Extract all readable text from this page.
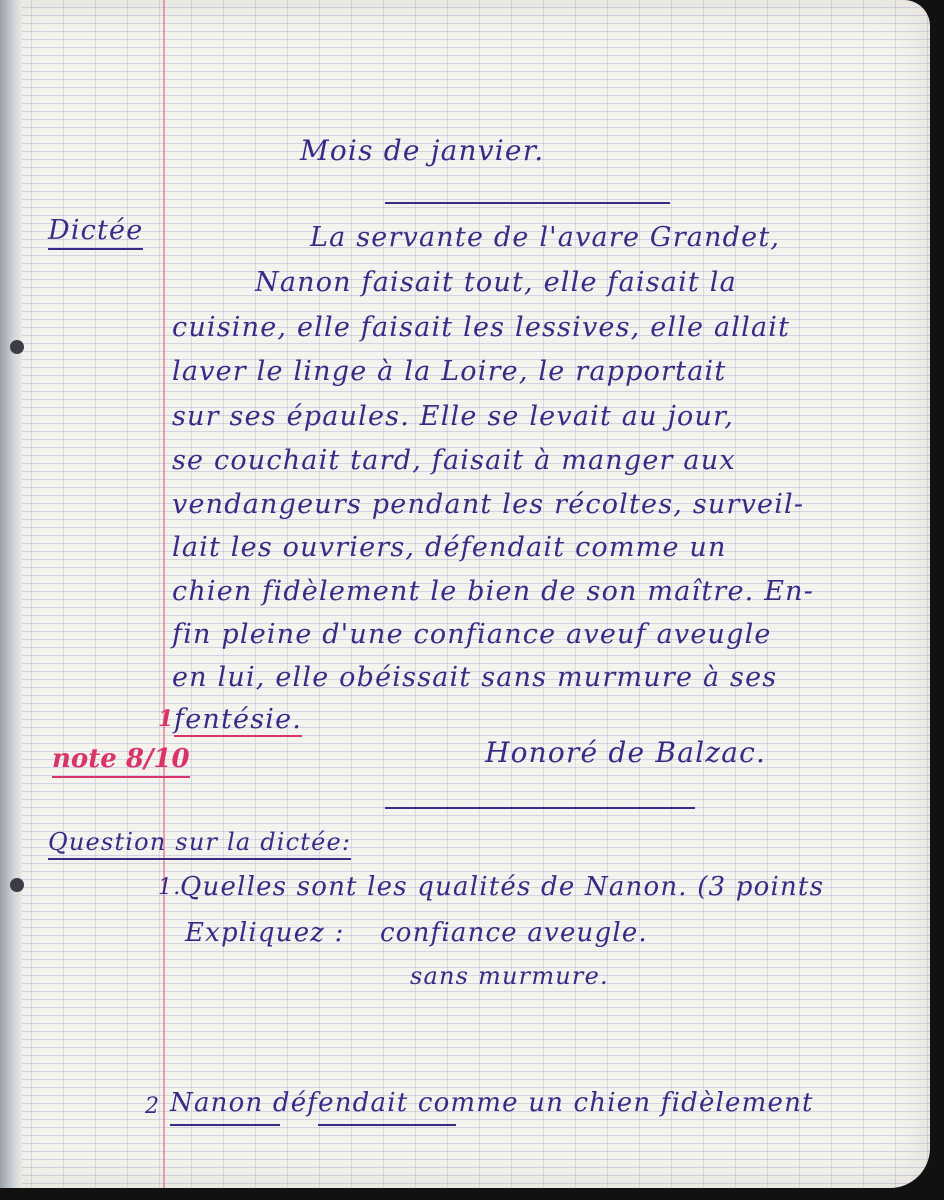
Mois de janvier.
Dictée	La servante de l'avare Grandet,
Nanon faisait tout, elle faisait la
cuisine, elle faisait les lessives, elle allait
laver le linge à la Loire, le rapportait
sur ses épaules. Elle se levait au jour,
se couchait tard, faisait à manger aux
vendangeurs pendant les récoltes, surveil-
lait les ouvriers, défendait comme un
chien fidèlement le bien de son maître. En-
fin pleine d'une confiance aveuf aveugle
en lui, elle obéissait sans murmure à ses
1 fentésie.
note 8/10	Honoré de Balzac.
Question sur la dictée:
1.
Quelles sont les qualités de Nanon. (3 points
Expliquez : confiance aveugle.
sans murmure.
2 Nanon défendait comme un chien fidèlement
